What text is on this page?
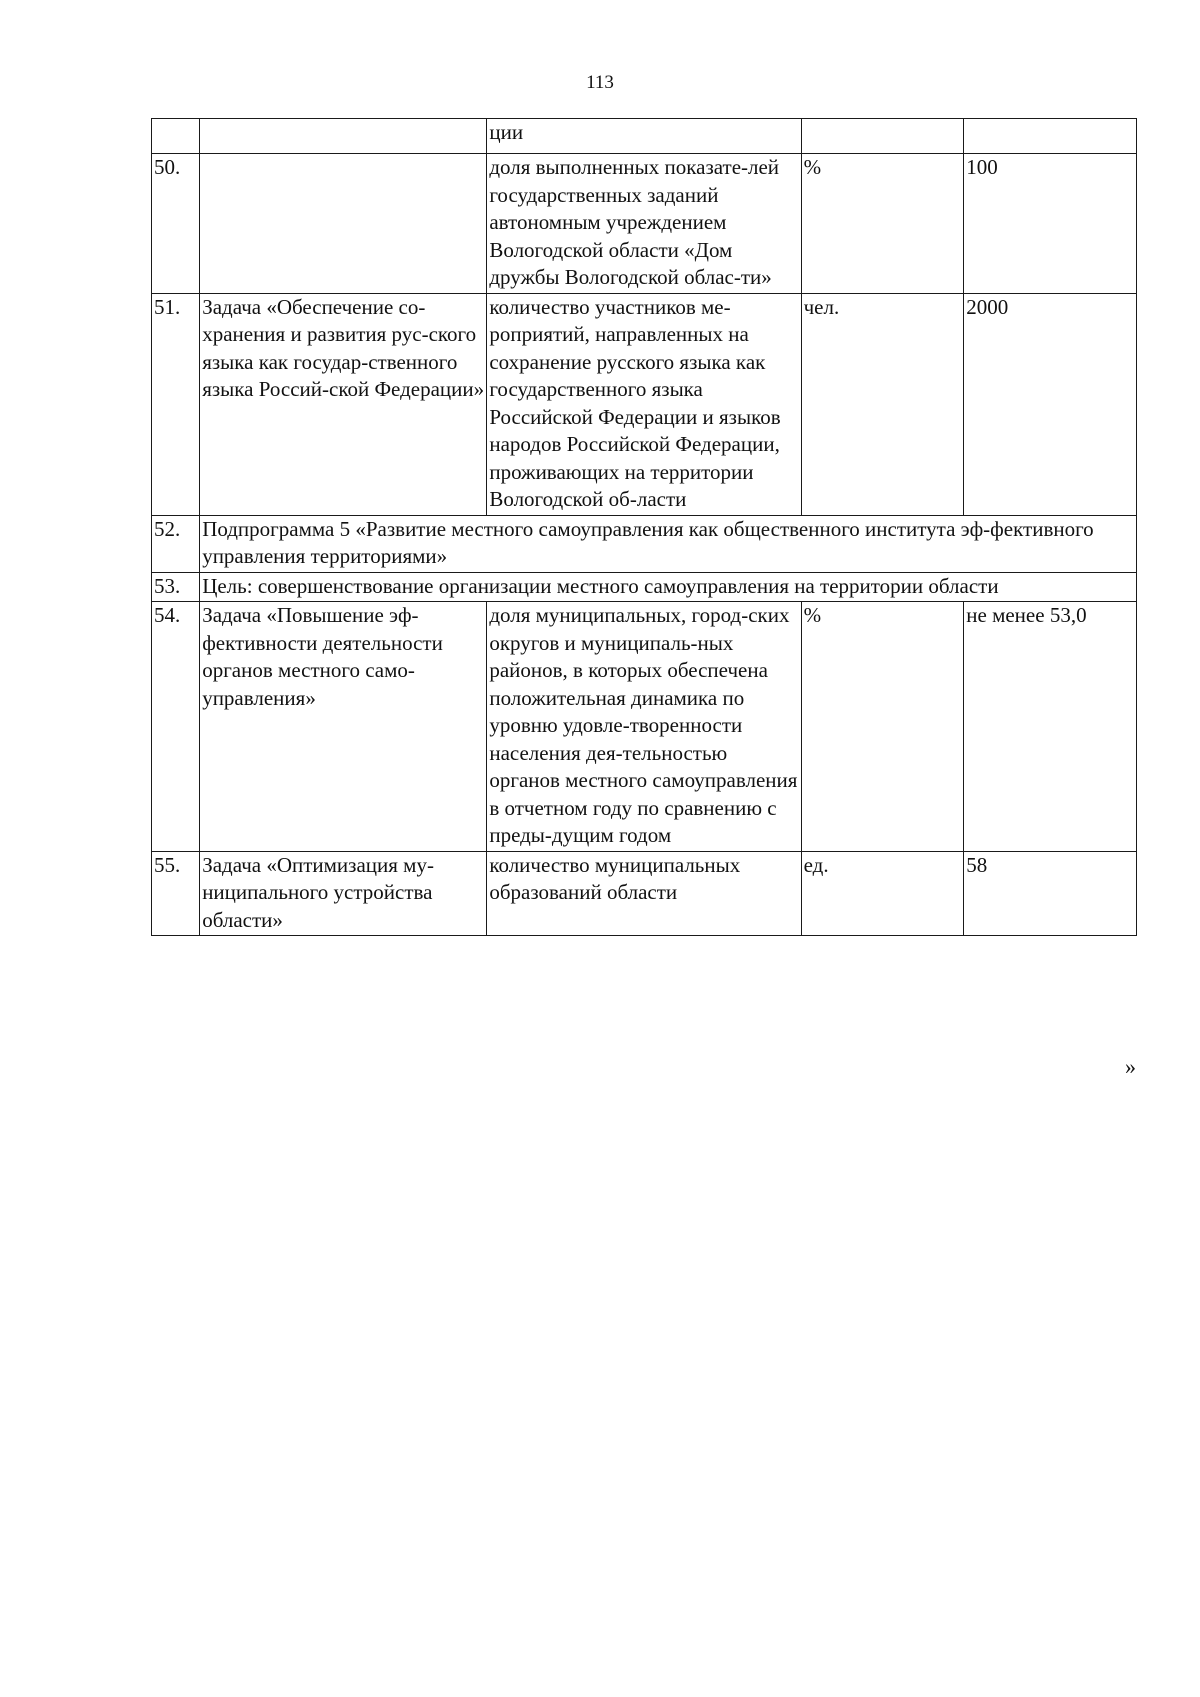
113
		ции		
50.		доля выполненных показате-лей государственных заданий автономным учреждением Вологодской области «Дом дружбы Вологодской облас-ти»	%	100
51.	Задача «Обеспечение со-хранения и развития рус-ского языка как государ-ственного языка Россий-ской Федерации»	количество участников ме-роприятий, направленных на сохранение русского языка как государственного языка Российской Федерации и языков народов Российской Федерации, проживающих на территории Вологодской об-ласти	чел.	2000
52.	Подпрограмма 5 «Развитие местного самоуправления как общественного института эф-фективного управления территориями»			
53.	Цель: совершенствование организации местного самоуправления на территории области			
54.	Задача «Повышение эф-фективности деятельности органов местного само-управления»	доля муниципальных, город-ских округов и муниципаль-ных районов, в которых обеспечена положительная динамика по уровню удовле-творенности населения дея-тельностью органов местного самоуправления в отчетном году по сравнению с преды-дущим годом	%	не менее 53,0
55.	Задача «Оптимизация му-ниципального устройства области»	количество муниципальных образований области	ед.	58
»
